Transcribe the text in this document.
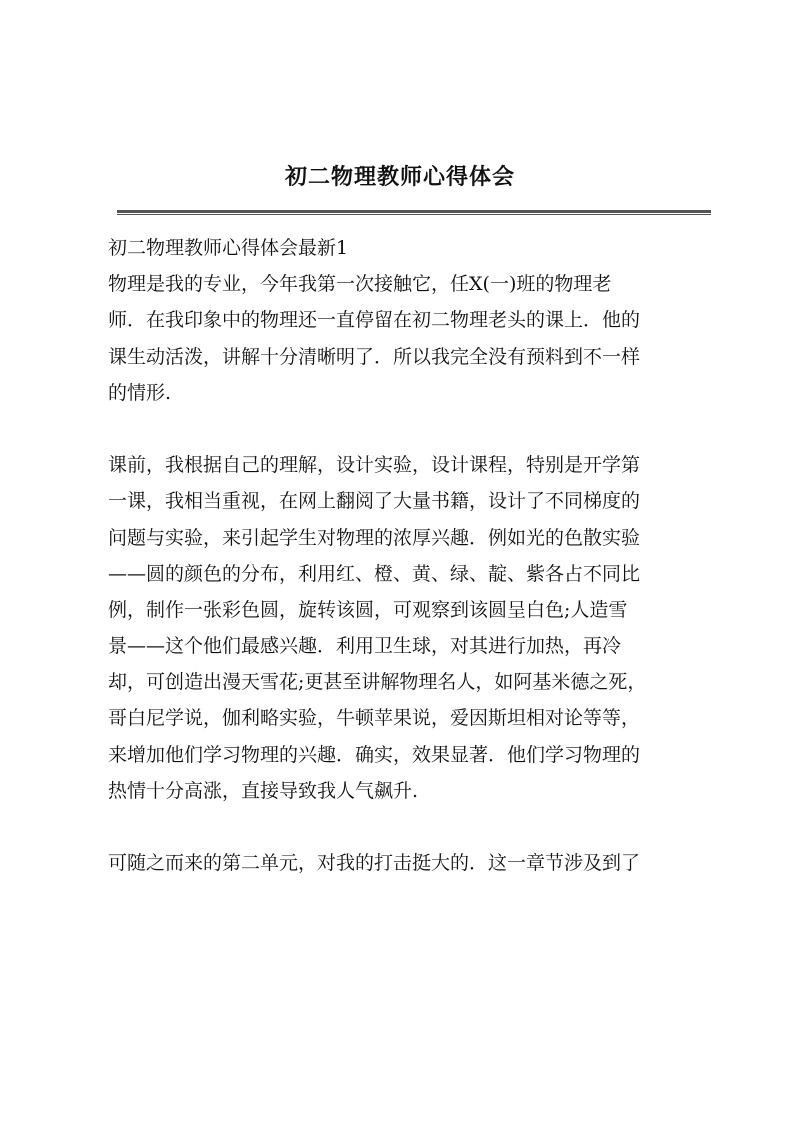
初二物理教师心得体会
初二物理教师心得体会最新1
物理是我的专业，今年我第一次接触它，任X(一)班的物理老
师．在我印象中的物理还一直停留在初二物理老头的课上．他的
课生动活泼，讲解十分清晰明了．所以我完全没有预料到不一样
的情形.
课前，我根据自己的理解，设计实验，设计课程，特别是开学第
一课，我相当重视，在网上翻阅了大量书籍，设计了不同梯度的
问题与实验，来引起学生对物理的浓厚兴趣．例如光的色散实验
——圆的颜色的分布，利用红、橙、黄、绿、靛、紫各占不同比
例，制作一张彩色圆，旋转该圆，可观察到该圆呈白色;人造雪
景——这个他们最感兴趣．利用卫生球，对其进行加热，再冷
却，可创造出漫天雪花;更甚至讲解物理名人，如阿基米德之死，
哥白尼学说，伽利略实验，牛顿苹果说，爱因斯坦相对论等等，
来增加他们学习物理的兴趣．确实，效果显著．他们学习物理的
热情十分高涨，直接导致我人气飙升.
可随之而来的第二单元，对我的打击挺大的．这一章节涉及到了
